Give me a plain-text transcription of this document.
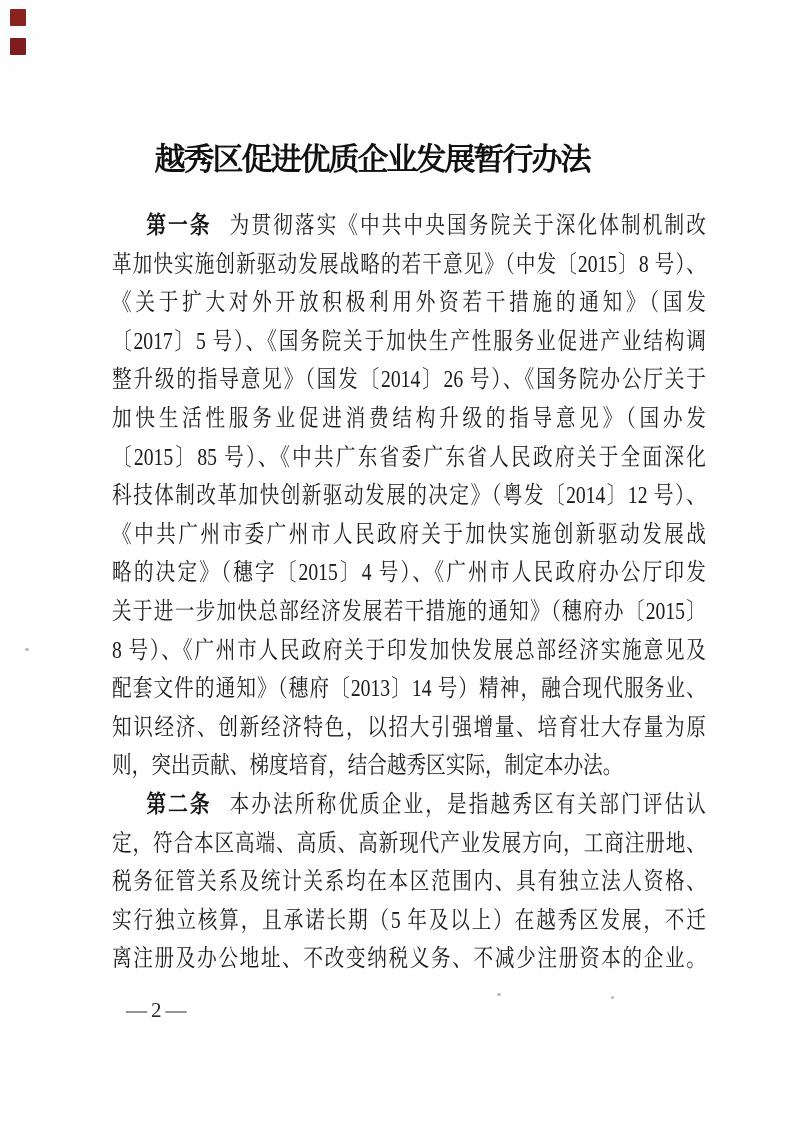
越秀区促进优质企业发展暂行办法
第一条 为贯彻落实《中共中央国务院关于深化体制机制改
革加快实施创新驱动发展战略的若干意见》（中发〔2015〕8 号）、
《关于扩大对外开放积极利用外资若干措施的通知》（国发
〔2017〕5 号）、《国务院关于加快生产性服务业促进产业结构调
整升级的指导意见》（国发〔2014〕26 号）、《国务院办公厅关于
加快生活性服务业促进消费结构升级的指导意见》（国办发
〔2015〕85 号）、《中共广东省委广东省人民政府关于全面深化
科技体制改革加快创新驱动发展的决定》（粤发〔2014〕12 号）、
《中共广州市委广州市人民政府关于加快实施创新驱动发展战
略的决定》（穗字〔2015〕4 号）、《广州市人民政府办公厅印发
关于进一步加快总部经济发展若干措施的通知》（穗府办〔2015〕
8 号）、《广州市人民政府关于印发加快发展总部经济实施意见及
配套文件的通知》（穗府〔2013〕14 号）精神，融合现代服务业、
知识经济、创新经济特色，以招大引强增量、培育壮大存量为原
则，突出贡献、梯度培育，结合越秀区实际，制定本办法。
第二条 本办法所称优质企业，是指越秀区有关部门评估认
定，符合本区高端、高质、高新现代产业发展方向，工商注册地、
税务征管关系及统计关系均在本区范围内、具有独立法人资格、
实行独立核算，且承诺长期（5 年及以上）在越秀区发展，不迁
离注册及办公地址、不改变纳税义务、不减少注册资本的企业。
—2—
